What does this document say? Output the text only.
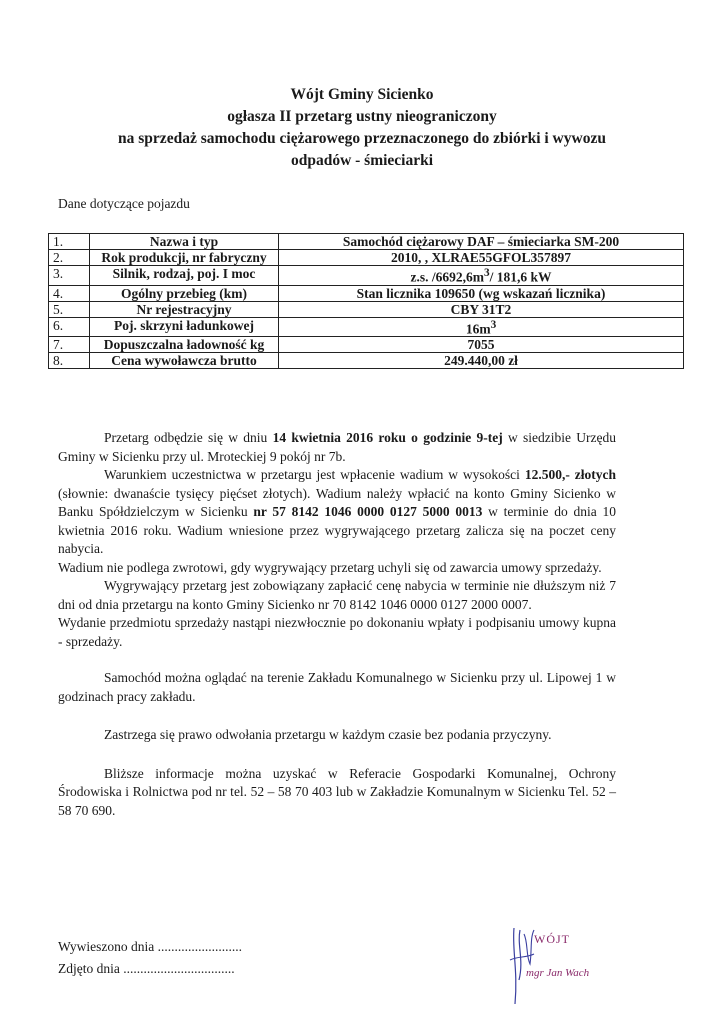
Wójt Gminy Sicienko
ogłasza II przetarg ustny nieograniczony
na sprzedaż samochodu ciężarowego przeznaczonego do zbiórki i wywozu
odpadów - śmieciarki
Dane dotyczące pojazdu
1.	Nazwa i typ	Samochód ciężarowy DAF – śmieciarka SM-200
2.	Rok produkcji, nr fabryczny	2010, , XLRAE55GFOL357897
3.	Silnik, rodzaj, poj. I moc	z.s. $/6692,6m^3/$ 181,6 kW
4.	Ogólny przebieg (km)	Stan licznika 109650 (wg wskazań licznika)
5.	Nr rejestracyjny	CBY 31T2
6.	Poj. skrzyni ładunkowej	$16m^3$
7.	Dopuszczalna ładowność kg	7055
8.	Cena wywoławcza brutto	249.440,00 zł

Przetarg odbędzie się w dniu 14 kwietnia 2016 roku o godzinie 9-tej w siedzibie Urzędu Gminy w Sicienku przy ul. Mroteckiej 9 pokój nr 7b.

Warunkiem uczestnictwa w przetargu jest wpłacenie wadium w wysokości 12.500,- złotych (słownie: dwanaście tysięcy pięćset złotych). Wadium należy wpłacić na konto Gminy Sicienko w Banku Spółdzielczym w Sicienku nr 57 8142 1046 0000 0127 5000 0013 w terminie do dnia 10 kwietnia 2016 roku. Wadium wniesione przez wygrywającego przetarg zalicza się na poczet ceny nabycia.

Wadium nie podlega zwrotowi, gdy wygrywający przetarg uchyli się od zawarcia umowy sprzedaży.

Wygrywający przetarg jest zobowiązany zapłacić cenę nabycia w terminie nie dłuższym niż 7 dni od dnia przetargu na konto Gminy Sicienko nr 70 8142 1046 0000 0127 2000 0007.

Wydanie przedmiotu sprzedaży nastąpi niezwłocznie po dokonaniu wpłaty i podpisaniu umowy kupna - sprzedaży.

Samochód można oglądać na terenie Zakładu Komunalnego w Sicienku przy ul. Lipowej 1 w godzinach pracy zakładu.

Zastrzega się prawo odwołania przetargu w każdym czasie bez podania przyczyny.

Bliższe informacje można uzyskać w Referacie Gospodarki Komunalnej, Ochrony Środowiska i Rolnictwa pod nr tel. 52 – 58 70 403 lub w Zakładzie Komunalnym w Sicienku Tel. 52 – 58 70 690.

Wywieszono dnia .........................
Zdjęto dnia .................................
WÓJT
mgr Jan Wach
